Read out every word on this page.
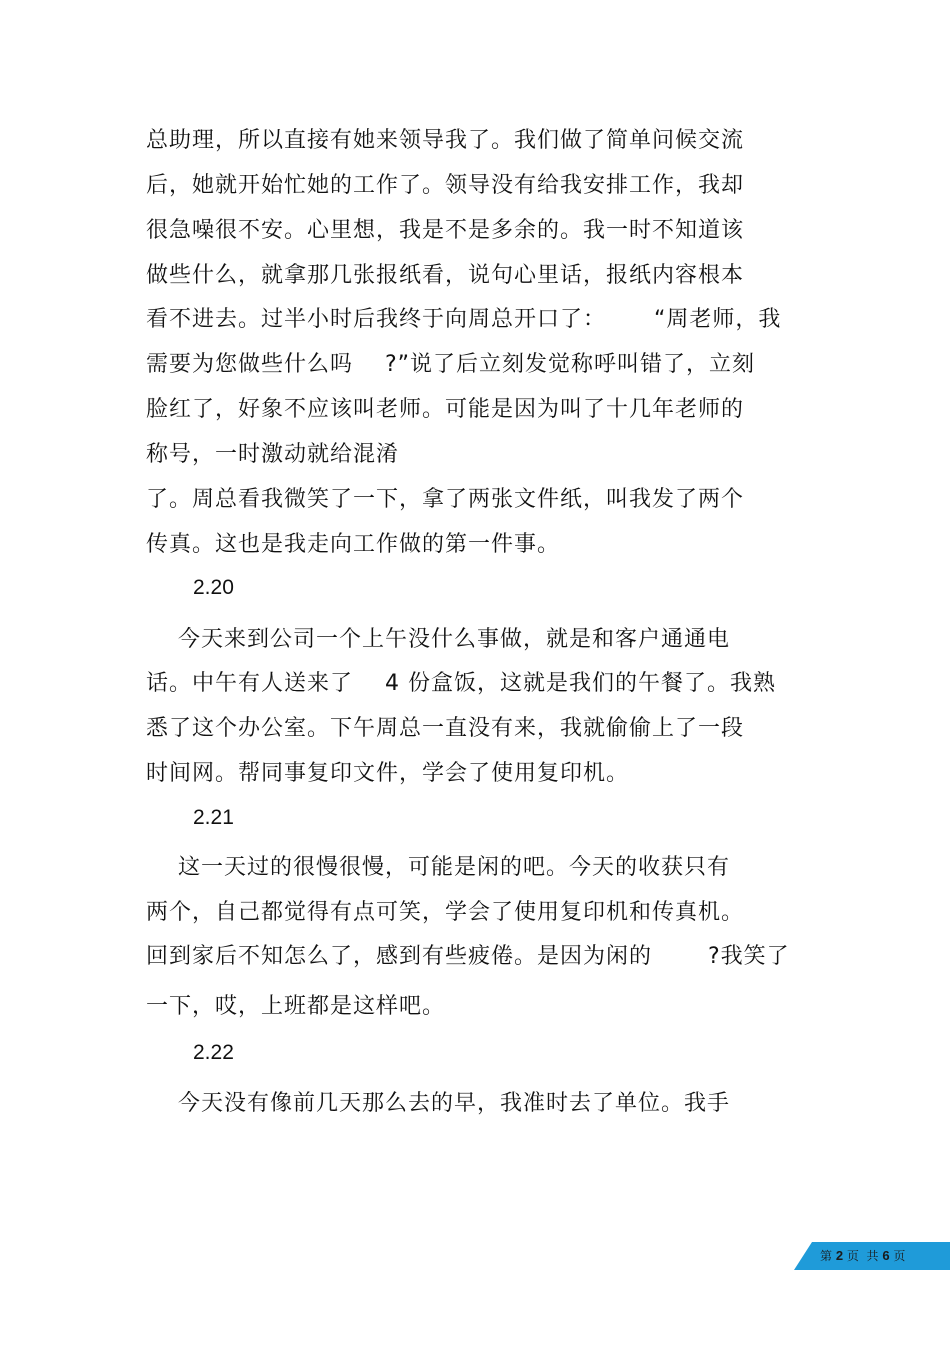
总助理，所以直接有她来领导我了。我们做了简单问候交流
后，她就开始忙她的工作了。领导没有给我安排工作，我却
很急噪很不安。心里想，我是不是多余的。我一时不知道该
做些什么，就拿那几张报纸看，说句心里话，报纸内容根本
看不进去。过半小时后我终于向周总开口了：      “周老师，我
需要为您做些什么吗    ?”说了后立刻发觉称呼叫错了，立刻
脸红了，好象不应该叫老师。可能是因为叫了十几年老师的
称号，一时激动就给混淆
了。周总看我微笑了一下，拿了两张文件纸，叫我发了两个
传真。这也是我走向工作做的第一件事。
2.20
今天来到公司一个上午没什么事做，就是和客户通通电
话。中午有人送来了    4 份盒饭，这就是我们的午餐了。我熟
悉了这个办公室。下午周总一直没有来，我就偷偷上了一段
时间网。帮同事复印文件，学会了使用复印机。
2.21
这一天过的很慢很慢，可能是闲的吧。今天的收获只有
两个，自己都觉得有点可笑，学会了使用复印机和传真机。
回到家后不知怎么了，感到有些疲倦。是因为闲的       ?我笑了
一下，哎，上班都是这样吧。
2.22
今天没有像前几天那么去的早，我准时去了单位。我手
第 2 页  共 6 页
